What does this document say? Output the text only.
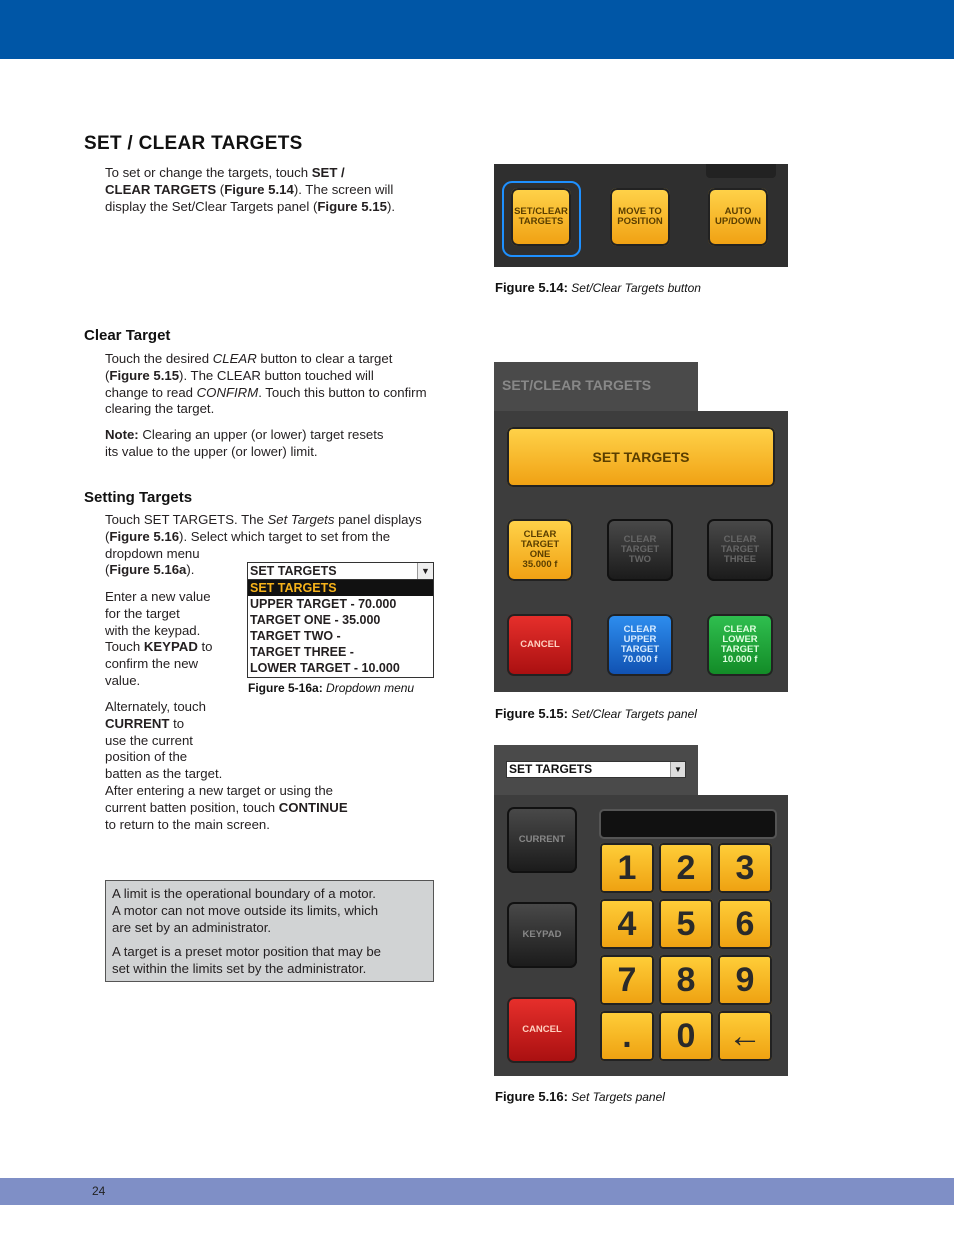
SET / CLEAR TARGETS
To set or change the targets, touch SET /
CLEAR TARGETS (Figure 5.14). The screen will
display the Set/Clear Targets panel (Figure 5.15).
Clear Target
Touch the desired CLEAR button to clear a target
(Figure 5.15). The CLEAR button touched will
change to read CONFIRM. Touch this button to confirm
clearing the target.
Note: Clearing an upper (or lower) target resets
its value to the upper (or lower) limit.
Setting Targets
Touch SET TARGETS. The Set Targets panel displays
(Figure 5.16). Select which target to set from the
dropdown menu
(Figure 5.16a).
Enter a new value
for the target
with the keypad.
Touch KEYPAD to
confirm the new
value.
Alternately, touch
CURRENT to
use the current
position of the
batten as the target.
After entering a new target or using the
current batten position, touch CONTINUE
to return to the main screen.
SET TARGETS	▼
SET TARGETS
UPPER TARGET - 70.000
TARGET ONE - 35.000
TARGET TWO -
TARGET THREE -
LOWER TARGET - 10.000
Figure 5-16a: Dropdown menu
A limit is the operational boundary of a motor.
A motor can not move outside its limits, which
are set by an administrator.
A target is a preset motor position that may be
set within the limits set by the administrator.
SET/CLEAR
TARGETS
MOVE TO
POSITION
AUTO
UP/DOWN
Figure 5.14: Set/Clear Targets button
SET/CLEAR TARGETS
SET TARGETS
CLEAR
TARGET
ONE
35.000 f
CLEAR
TARGET
TWO
CLEAR
TARGET
THREE
CANCEL
CLEAR
UPPER
TARGET
70.000 f
CLEAR
LOWER
TARGET
10.000 f
Figure 5.15: Set/Clear Targets panel
SET TARGETS	▼
CURRENT
KEYPAD
CANCEL
1	2	3
4	5	6
7	8	9
.	0 ←
Figure 5.16: Set Targets panel
24
